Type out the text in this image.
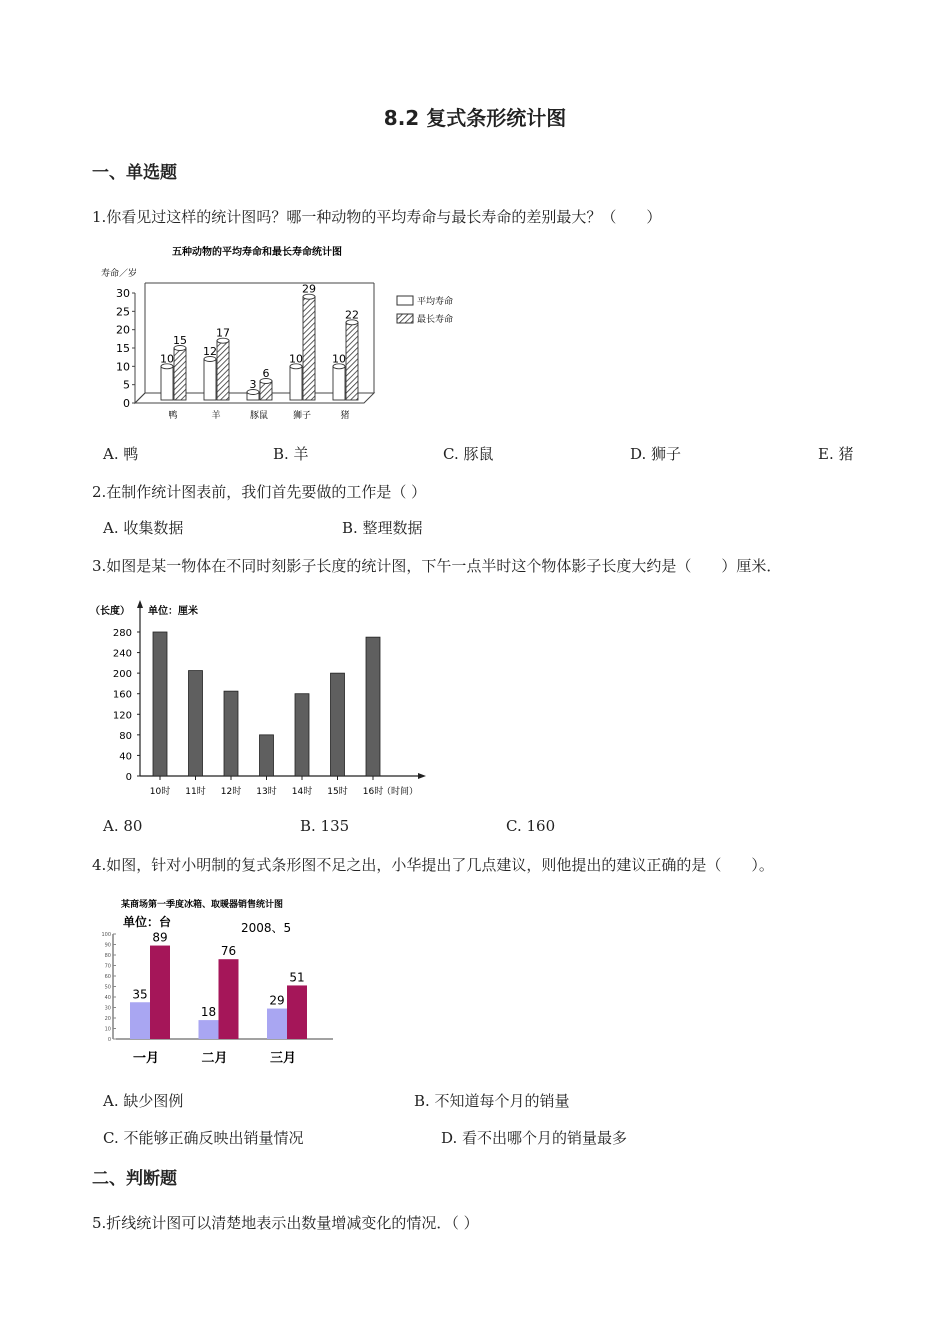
8.2 复式条形统计图
一、单选题
1.你看见过这样的统计图吗？哪一种动物的平均寿命与最长寿命的差别最大？（　　）
五种动物的平均寿命和最长寿命统计图
寿命／岁
0
5
10
15
20
25
30
10
15
鸭
12
17
羊
3
6
豚鼠
10
29
狮子
10
22
猪
平均寿命
最长寿命
A. 鸭	B. 羊	C. 豚鼠	D. 狮子	E. 猪
2.在制作统计图表前，我们首先要做的工作是（ ）
A. 收集数据	B. 整理数据
3.如图是某一物体在不同时刻影子长度的统计图，下午一点半时这个物体影子长度大约是（　　）厘米．
（长度） 单位：厘米
0
40
80
120
160
200
240
280
10时 11时 12时 13时 14时 15时 16时
（时间）
A. 80	B. 135	C. 160
4.如图，针对小明制的复式条形图不足之出，小华提出了几点建议，则他提出的建议正确的是（　　）。
某商场第一季度冰箱、取暖器销售统计图
单位：台	2008、5
0
10
20
30
40
50
60
70
80
90
100
35
89
一月
18
76
二月
29
51
三月
A. 缺少图例	B. 不知道每个月的销量
C. 不能够正确反映出销量情况	D. 看不出哪个月的销量最多
二、判断题
5.折线统计图可以清楚地表示出数量增减变化的情况．（ ）
